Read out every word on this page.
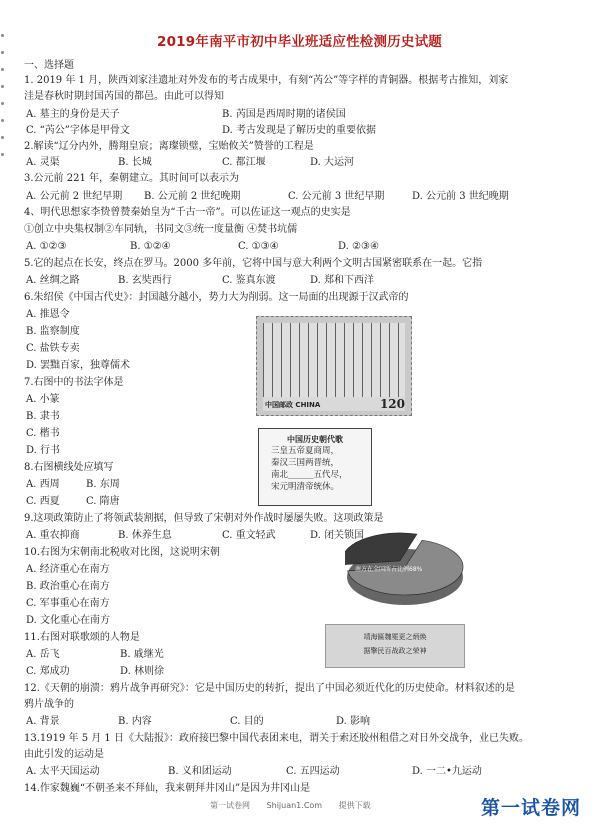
2019年南平市初中毕业班适应性检测历史试题
一、选择题
1. 2019 年 1 月，陕西刘家洼遗址对外发布的考古成果中，有刻“芮公”等字样的青铜器。根据考古推知，刘家
洼是春秋时期封国芮国的都邑。由此可以得知
A. 墓主的身份是天子	B. 芮国是西周时期的诸侯国
C. “芮公”字体是甲骨文	D. 考古发现是了解历史的重要依据
2.解读“辽分内外，腾翔皇宸；离璨锁璧，宝贻攸关”赞誉的工程是
A. 灵渠	B. 长城	C. 都江堰	D. 大运河
3.公元前 221 年，秦朝建立。其时间可以表示为
A. 公元前 2 世纪早期 B. 公元前 2 世纪晚期	C. 公元前 3 世纪早期	D. 公元前 3 世纪晚期
4、明代思想家李贽曾赞秦始皇为“千古一帝”。可以佐证这一观点的史实是
①创立中央集权制②车同轨，书同文③统一度量衡 ④焚书坑儒
A. ①②③	B. ①②④	C. ①③④	D. ②③④
5.它的起点在长安，终点在罗马。2000 多年前，它将中国与意大利两个文明古国紧密联系在一起。它指
A. 丝绸之路	B. 玄奘西行	C. 鉴真东渡	D. 郑和下西洋
6.朱绍侯《中国古代史》：封国越分越小，势力大为削弱。这一局面的出现源于汉武帝的
A. 推恩令
B. 监察制度
C. 盐铁专卖
D. 罢黜百家，独尊儒术
7.右图中的书法字体是
A. 小篆
B. 隶书
C. 楷书
D. 行书
8.右图横线处应填写
A. 西周	B. 东周
C. 西夏	C. 隋唐
9.这项政策防止了将领武装割据，但导致了宋朝对外作战时屡屡失败。这项政策是
A. 重农抑商	B. 休养生息	C. 重文轻武	D. 闭关锁国
10.右图为宋朝南北税收对比图，这说明宋朝
A. 经济重心在南方
B. 政治重心在南方
C. 军事重心在南方
D. 文化重心在南方
11.右图对联歌颂的人物是
A. 岳飞	B. 戚继光
C. 郑成功	D. 林则徐
12.《天朝的崩溃：鸦片战争再研究》：它是中国历史的转折，提出了中国必须近代化的历史使命。材料叙述的是
鸦片战争的
A. 背景	B. 内容	C. 目的	D. 影响
13.1919 年 5 月 1 日《大陆报》：政府接巴黎中国代表团来电，谓关于索还胶州租借之对日外交战争，业已失败。
由此引发的运动是
A. 太平天国运动	B. 义和团运动	C. 五四运动	D. 一二•九运动
14.作家魏巍“不朝圣来不拜仙，我来朝拜井冈山”是因为井冈山是
中国邮政 CHINA	120
中国历史朝代歌
三皇五帝夏商周，
秦汉三国两晋统，
南北______五代尽，
宋元明清帝统休。
南方在全国所占比例68%
北方在全国所占比例32%
靖海匾魏冕更之炳焕
据擎民百战政之荣神
第一试卷网 Shijuan1.Com 提供下载	第一试卷网
